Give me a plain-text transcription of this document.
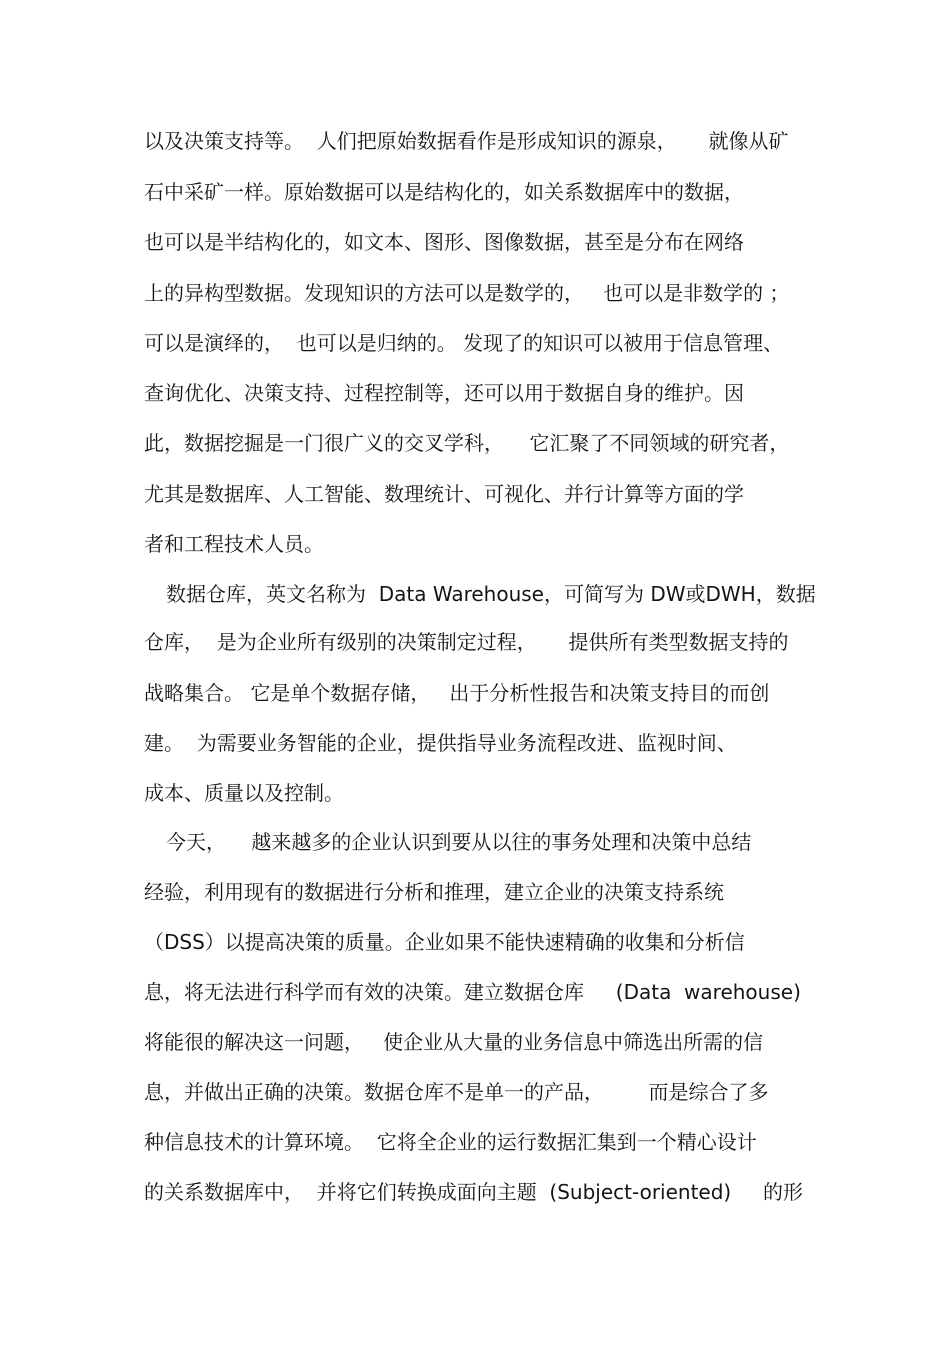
以及决策支持等。  人们把原始数据看作是形成知识的源泉，     就像从矿
石中采矿一样。原始数据可以是结构化的，如关系数据库中的数据，
也可以是半结构化的，如文本、图形、图像数据，甚至是分布在网络
上的异构型数据。发现知识的方法可以是数学的，   也可以是非数学的 ；
可以是演绎的，  也可以是归纳的。 发现了的知识可以被用于信息管理、
查询优化、决策支持、过程控制等，还可以用于数据自身的维护。因
此，数据挖掘是一门很广义的交叉学科，    它汇聚了不同领域的研究者，
尤其是数据库、人工智能、数理统计、可视化、并行计算等方面的学
者和工程技术人员。
数据仓库，英文名称为  Data Warehouse，可简写为 DW或DWH，数据
仓库，  是为企业所有级别的决策制定过程，     提供所有类型数据支持的
战略集合。 它是单个数据存储，   出于分析性报告和决策支持目的而创
建。  为需要业务智能的企业，提供指导业务流程改进、监视时间、
成本、质量以及控制。
今天，    越来越多的企业认识到要从以往的事务处理和决策中总结
经验，利用现有的数据进行分析和推理，建立企业的决策支持系统
（DSS）以提高决策的质量。企业如果不能快速精确的收集和分析信
息，将无法进行科学而有效的决策。建立数据仓库     (Data  warehouse)
将能很的解决这一问题，   使企业从大量的业务信息中筛选出所需的信
息，并做出正确的决策。数据仓库不是单一的产品，       而是综合了多
种信息技术的计算环境。  它将全企业的运行数据汇集到一个精心设计
的关系数据库中，  并将它们转换成面向主题  (Subject-oriented)     的形
